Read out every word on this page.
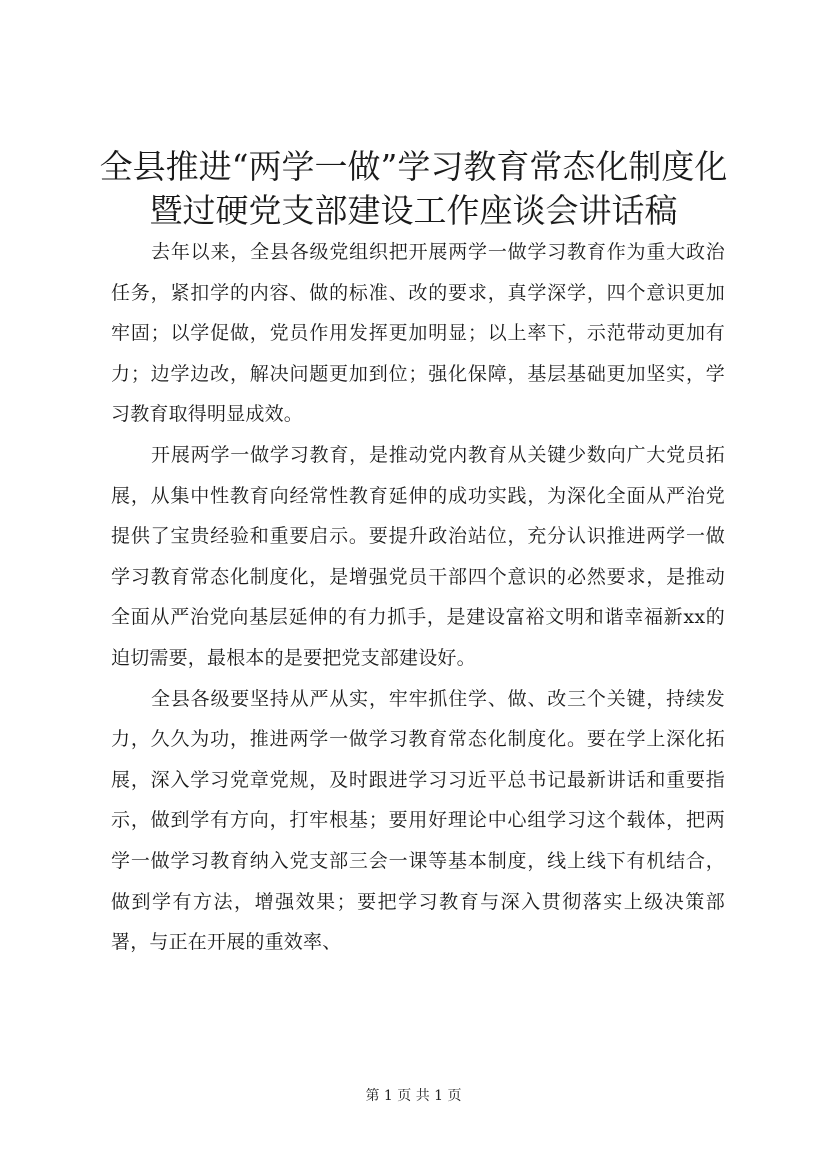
全县推进“两学一做”学习教育常态化制度化
暨过硬党支部建设工作座谈会讲话稿

去年以来，全县各级党组织把开展两学一做学习教育作为重大政治任务，紧扣学的内容、做的标准、改的要求，真学深学，四个意识更加牢固；以学促做，党员作用发挥更加明显；以上率下，示范带动更加有力；边学边改，解决问题更加到位；强化保障，基层基础更加坚实，学习教育取得明显成效。

开展两学一做学习教育，是推动党内教育从关键少数向广大党员拓展，从集中性教育向经常性教育延伸的成功实践，为深化全面从严治党提供了宝贵经验和重要启示。要提升政治站位，充分认识推进两学一做学习教育常态化制度化，是增强党员干部四个意识的必然要求，是推动全面从严治党向基层延伸的有力抓手，是建设富裕文明和谐幸福新xx的迫切需要，最根本的是要把党支部建设好。

全县各级要坚持从严从实，牢牢抓住学、做、改三个关键，持续发力，久久为功，推进两学一做学习教育常态化制度化。要在学上深化拓展，深入学习党章党规，及时跟进学习习近平总书记最新讲话和重要指示，做到学有方向，打牢根基；要用好理论中心组学习这个载体，把两学一做学习教育纳入党支部三会一课等基本制度，线上线下有机结合，做到学有方法，增强效果；要把学习教育与深入贯彻落实上级决策部署，与正在开展的重效率、

第 1 页 共 1 页
